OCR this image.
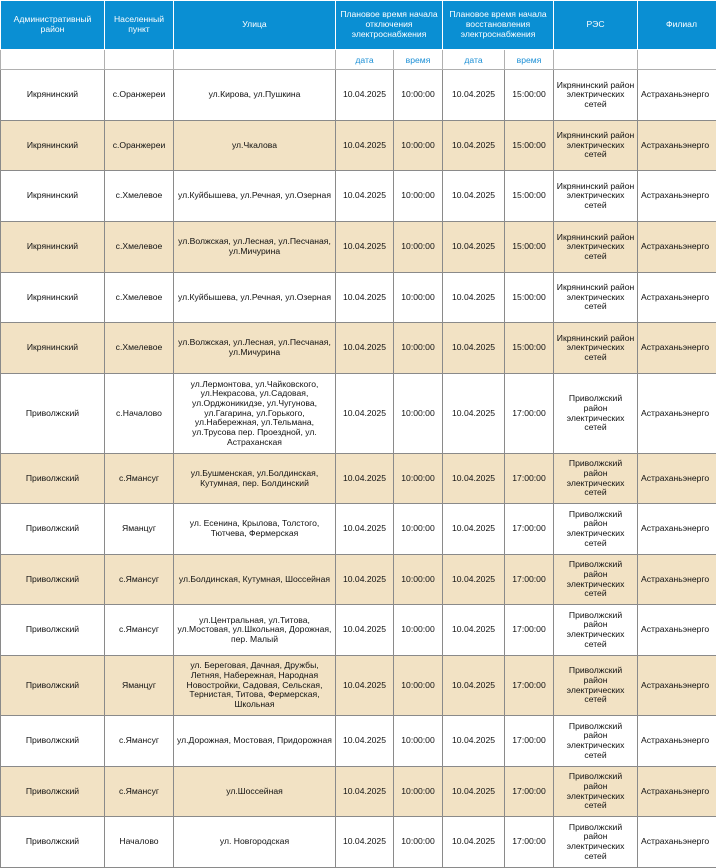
Административный район	Населенный пункт	Улица	Плановое время начала отключения электроснабжения		Плановое время начала восстановления электроснабжения		РЭС	Филиал
			дата	время	дата	время		
Икрянинский	с.Оранжереи	ул.Кирова, ул.Пушкина	10.04.2025	10:00:00	10.04.2025	15:00:00	Икрянинский район электрических сетей	Астраханьэнерго
Икрянинский	с.Оранжереи	ул.Чкалова	10.04.2025	10:00:00	10.04.2025	15:00:00	Икрянинский район электрических сетей	Астраханьэнерго
Икрянинский	с.Хмелевое	ул.Куйбышева, ул.Речная, ул.Озерная	10.04.2025	10:00:00	10.04.2025	15:00:00	Икрянинский район электрических сетей	Астраханьэнерго
Икрянинский	с.Хмелевое	ул.Волжская, ул.Лесная, ул.Песчаная, ул.Мичурина	10.04.2025	10:00:00	10.04.2025	15:00:00	Икрянинский район электрических сетей	Астраханьэнерго
Икрянинский	с.Хмелевое	ул.Куйбышева, ул.Речная, ул.Озерная	10.04.2025	10:00:00	10.04.2025	15:00:00	Икрянинский район электрических сетей	Астраханьэнерго
Икрянинский	с.Хмелевое	ул.Волжская, ул.Лесная, ул.Песчаная, ул.Мичурина	10.04.2025	10:00:00	10.04.2025	15:00:00	Икрянинский район электрических сетей	Астраханьэнерго
Приволжский	с.Началово	ул.Лермонтова, ул.Чайковского, ул.Некрасова, ул.Садовая, ул.Орджоникидзе, ул.Чугунова, ул.Гагарина, ул.Горького, ул.Набережная, ул.Тельмана, ул.Трусова пер. Проездной, ул. Астраханская	10.04.2025	10:00:00	10.04.2025	17:00:00	Приволжский район электрических сетей	Астраханьэнерго
Приволжский	с.Ямансуг	ул.Бушменская, ул.Болдинская, Кутумная, пер. Болдинский	10.04.2025	10:00:00	10.04.2025	17:00:00	Приволжский район электрических сетей	Астраханьэнерго
Приволжский	Яманцуг	ул. Есенина, Крылова, Толстого, Тютчева, Фермерская	10.04.2025	10:00:00	10.04.2025	17:00:00	Приволжский район электрических сетей	Астраханьэнерго
Приволжский	с.Ямансуг	ул.Болдинская, Кутумная, Шоссейная	10.04.2025	10:00:00	10.04.2025	17:00:00	Приволжский район электрических сетей	Астраханьэнерго
Приволжский	с.Ямансуг	ул.Центральная, ул.Титова, ул.Мостовая, ул.Школьная, Дорожная, пер. Малый	10.04.2025	10:00:00	10.04.2025	17:00:00	Приволжский район электрических сетей	Астраханьэнерго
Приволжский	Яманцуг	ул. Береговая, Дачная, Дружбы, Летняя, Набережная, Народная Новостройки, Садовая, Сельская, Тернистая, Титова, Фермерская, Школьная	10.04.2025	10:00:00	10.04.2025	17:00:00	Приволжский район электрических сетей	Астраханьэнерго
Приволжский	с.Ямансуг	ул.Дорожная, Мостовая, Придорожная	10.04.2025	10:00:00	10.04.2025	17:00:00	Приволжский район электрических сетей	Астраханьэнерго
Приволжский	с.Ямансуг	ул.Шоссейная	10.04.2025	10:00:00	10.04.2025	17:00:00	Приволжский район электрических сетей	Астраханьэнерго
Приволжский	Началово	ул. Новгородская	10.04.2025	10:00:00	10.04.2025	17:00:00	Приволжский район электрических сетей	Астраханьэнерго
